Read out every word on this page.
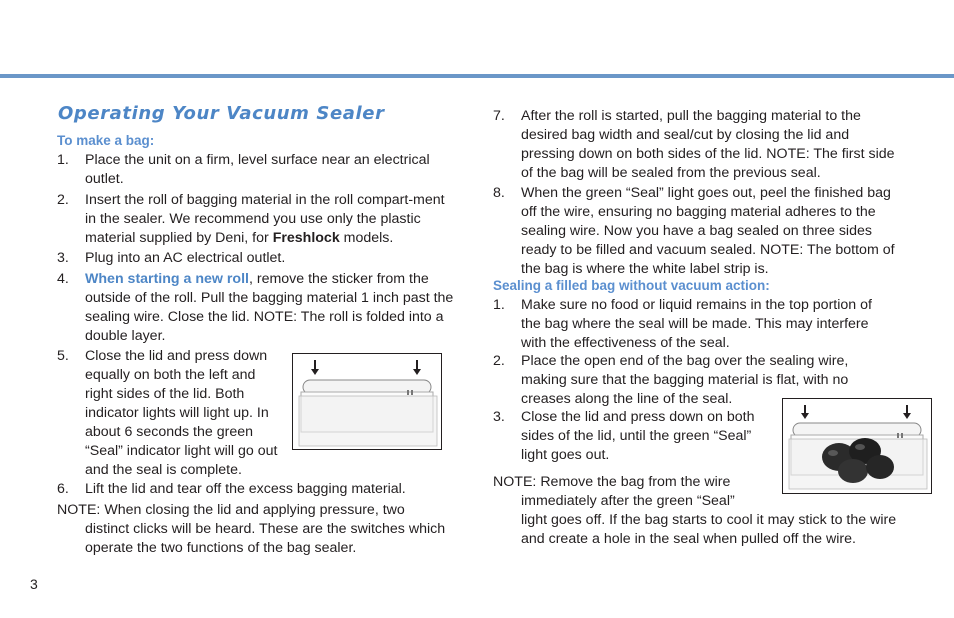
Operating Your Vacuum Sealer
To make a bag:
1. Place the unit on a firm, level surface near an electrical outlet.
2. Insert the roll of bagging material in the roll compart-ment in the sealer. We recommend you use only the plastic material supplied by Deni, for Freshlock models.
3. Plug into an AC electrical outlet.
4. When starting a new roll, remove the sticker from the outside of the roll. Pull the bagging material 1 inch past the sealing wire. Close the lid. NOTE: The roll is folded into a double layer.
5. Close the lid and press down equally on both the left and right sides of the lid. Both indicator lights will light up. In about 6 seconds the green “Seal” indicator light will go out and the seal is complete.
6. Lift the lid and tear off the excess bagging material.
NOTE: When closing the lid and applying pressure, two
distinct clicks will be heard. These are the switches which operate the two functions of the bag sealer.
3
7. After the roll is started, pull the bagging material to the desired bag width and seal/cut by closing the lid and pressing down on both sides of the lid. NOTE: The first side of the bag will be sealed from the previous seal.
8. When the green “Seal” light goes out, peel the finished bag off the wire, ensuring no bagging material adheres to the sealing wire. Now you have a bag sealed on three sides ready to be filled and vacuum sealed. NOTE: The bottom of the bag is where the white label strip is.
Sealing a filled bag without vacuum action:
1. Make sure no food or liquid remains in the top portion of the bag where the seal will be made. This may interfere with the effectiveness of the seal.
2. Place the open end of the bag over the sealing wire, making sure that the bagging material is flat, with no creases along the line of the seal.
3. Close the lid and press down on both sides of the lid, until the green “Seal” light goes out.
NOTE: Remove the bag from the wire
immediately after the green “Seal”
light goes off. If the bag starts to cool it may stick to the wire and create a hole in the seal when pulled off the wire.
